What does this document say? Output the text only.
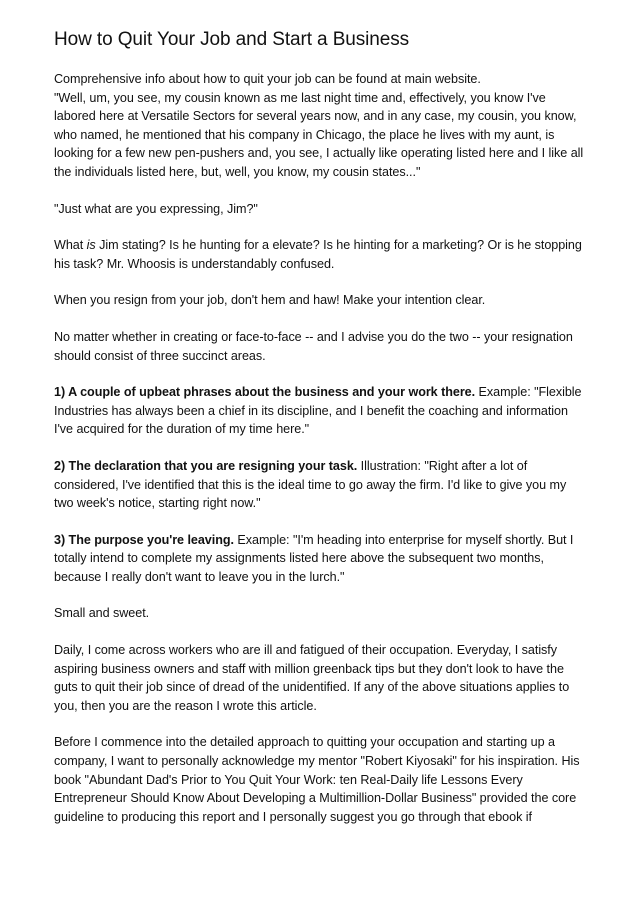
How to Quit Your Job and Start a Business

Comprehensive info about how to quit your job can be found at main website.
"Well, um, you see, my cousin known as me last night time and, effectively, you know I've labored here at Versatile Sectors for several years now, and in any case, my cousin, you know, who named, he mentioned that his company in Chicago, the place he lives with my aunt, is looking for a few new pen-pushers and, you see, I actually like operating listed here and I like all the individuals listed here, but, well, you know, my cousin states..."

"Just what are you expressing, Jim?"

What is Jim stating? Is he hunting for a elevate? Is he hinting for a marketing? Or is he stopping his task? Mr. Whoosis is understandably confused.

When you resign from your job, don't hem and haw! Make your intention clear.

No matter whether in creating or face-to-face -- and I advise you do the two -- your resignation should consist of three succinct areas.

1) A couple of upbeat phrases about the business and your work there. Example: "Flexible Industries has always been a chief in its discipline, and I benefit the coaching and information I've acquired for the duration of my time here."

2) The declaration that you are resigning your task. Illustration: "Right after a lot of considered, I've identified that this is the ideal time to go away the firm. I'd like to give you my two week's notice, starting right now."

3) The purpose you're leaving. Example: "I'm heading into enterprise for myself shortly. But I totally intend to complete my assignments listed here above the subsequent two months, because I really don't want to leave you in the lurch."

Small and sweet.

Daily, I come across workers who are ill and fatigued of their occupation. Everyday, I satisfy aspiring business owners and staff with million greenback tips but they don't look to have the guts to quit their job since of dread of the unidentified. If any of the above situations applies to you, then you are the reason I wrote this article.

Before I commence into the detailed approach to quitting your occupation and starting up a company, I want to personally acknowledge my mentor "Robert Kiyosaki" for his inspiration. His book "Abundant Dad's Prior to You Quit Your Work: ten Real-Daily life Lessons Every Entrepreneur Should Know About Developing a Multimillion-Dollar Business" provided the core guideline to producing this report and I personally suggest you go through that ebook if
